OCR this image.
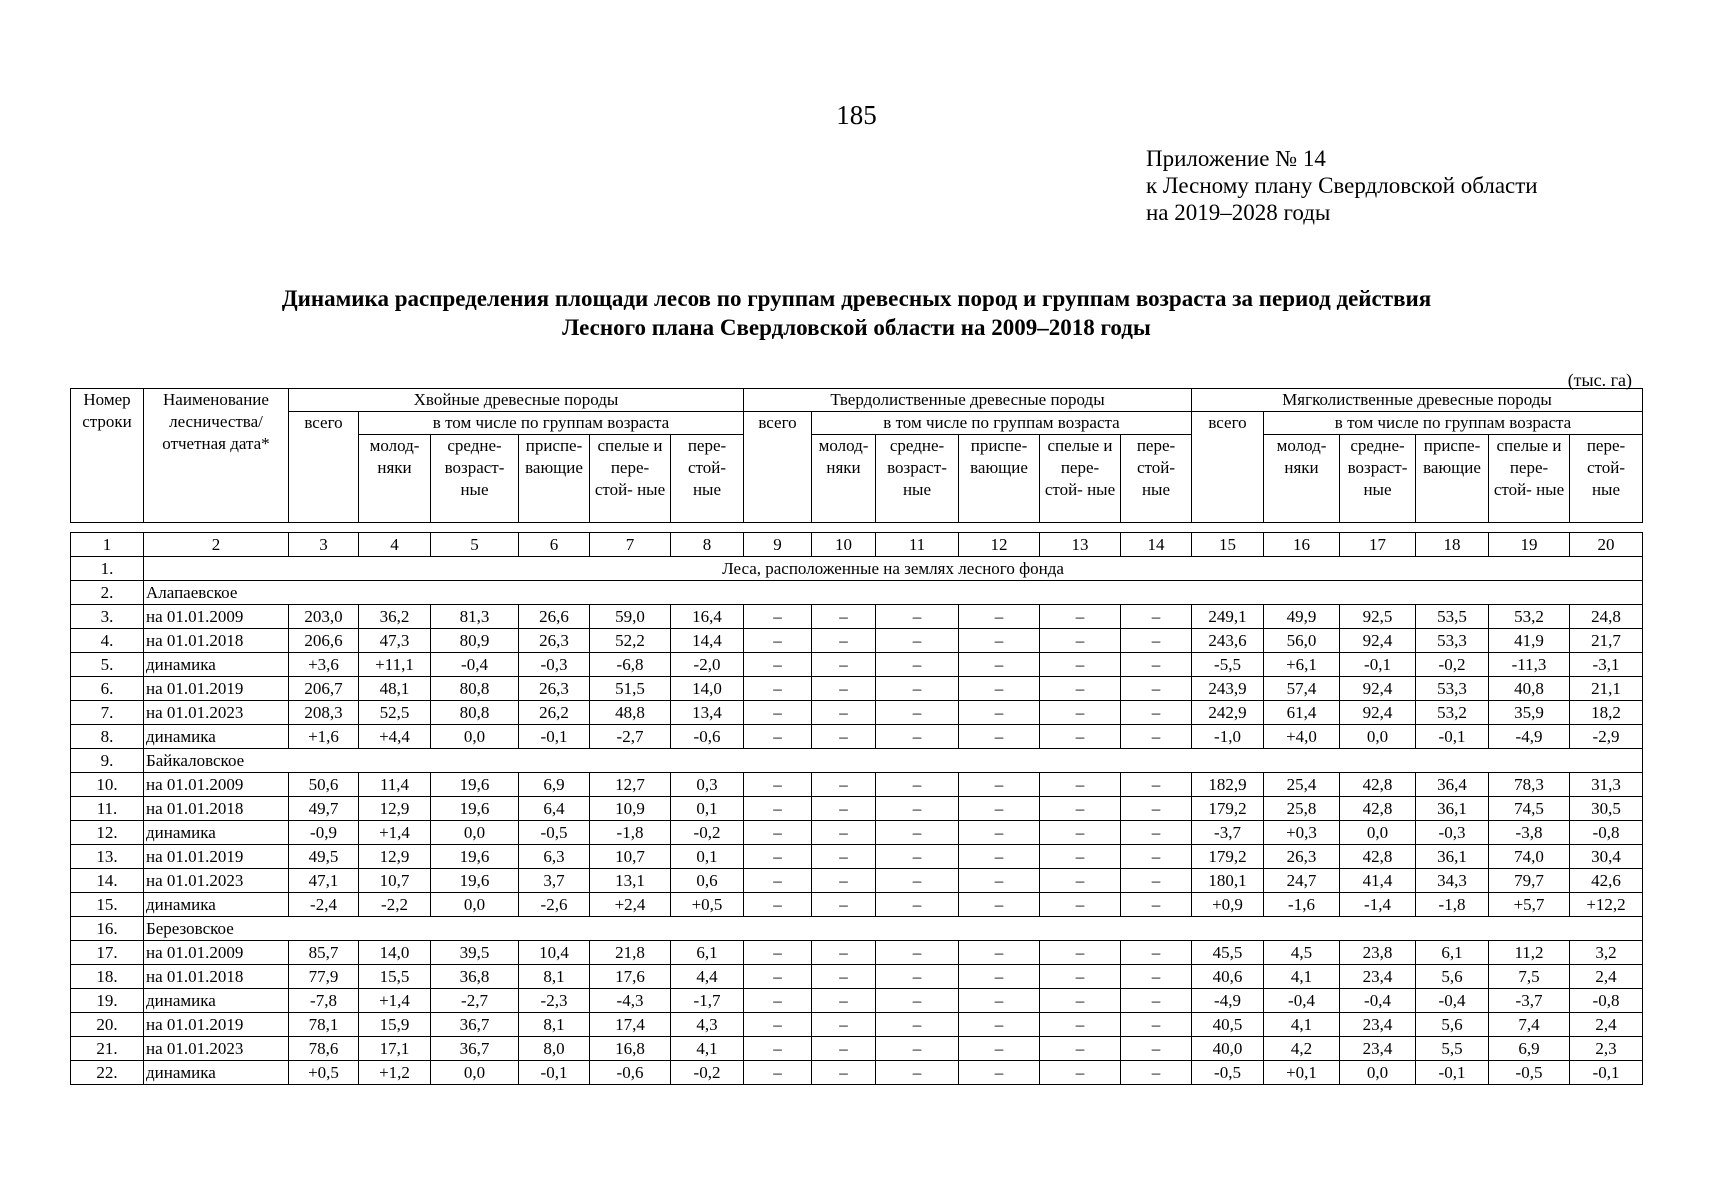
185
Приложение № 14
к Лесному плану Свердловской области
на 2019–2028 годы
Динамика распределения площади лесов по группам древесных пород и группам возраста за период действия
Лесного плана Свердловской области на 2009–2018 годы
(тыс. га)
Номер строки	Наименование лесничества/ отчетная дата*	Хвойные древесные породы						Твердолиственные древесные породы						Мягколиственные древесные породы					
		всего	в том числе по группам возраста					всего	в том числе по группам возраста					всего	в том числе по группам возраста				
			молод- няки	средне- возраст- ные	приспе- вающие	спелые и пере- стой- ные	пере- стой- ные		молод- няки	средне- возраст- ные	приспе- вающие	спелые и пере- стой- ные	пере- стой- ные		молод- няки	средне- возраст- ные	приспе- вающие	спелые и пере- стой- ные	пере- стой- ные
1	2	3	4	5	6	7	8	9	10	11	12	13	14	15	16	17	18	19	20
1.	Леса, расположенные на землях лесного фонда																		
2.	Алапаевское																		
3.	на 01.01.2009	203,0	36,2	81,3	26,6	59,0	16,4	–	–	–	–	–	–	249,1	49,9	92,5	53,5	53,2	24,8
4.	на 01.01.2018	206,6	47,3	80,9	26,3	52,2	14,4	–	–	–	–	–	–	243,6	56,0	92,4	53,3	41,9	21,7
5.	динамика	+3,6	+11,1	-0,4	-0,3	-6,8	-2,0	–	–	–	–	–	–	-5,5	+6,1	-0,1	-0,2	-11,3	-3,1
6.	на 01.01.2019	206,7	48,1	80,8	26,3	51,5	14,0	–	–	–	–	–	–	243,9	57,4	92,4	53,3	40,8	21,1
7.	на 01.01.2023	208,3	52,5	80,8	26,2	48,8	13,4	–	–	–	–	–	–	242,9	61,4	92,4	53,2	35,9	18,2
8.	динамика	+1,6	+4,4	0,0	-0,1	-2,7	-0,6	–	–	–	–	–	–	-1,0	+4,0	0,0	-0,1	-4,9	-2,9
9.	Байкаловское																		
10.	на 01.01.2009	50,6	11,4	19,6	6,9	12,7	0,3	–	–	–	–	–	–	182,9	25,4	42,8	36,4	78,3	31,3
11.	на 01.01.2018	49,7	12,9	19,6	6,4	10,9	0,1	–	–	–	–	–	–	179,2	25,8	42,8	36,1	74,5	30,5
12.	динамика	-0,9	+1,4	0,0	-0,5	-1,8	-0,2	–	–	–	–	–	–	-3,7	+0,3	0,0	-0,3	-3,8	-0,8
13.	на 01.01.2019	49,5	12,9	19,6	6,3	10,7	0,1	–	–	–	–	–	–	179,2	26,3	42,8	36,1	74,0	30,4
14.	на 01.01.2023	47,1	10,7	19,6	3,7	13,1	0,6	–	–	–	–	–	–	180,1	24,7	41,4	34,3	79,7	42,6
15.	динамика	-2,4	-2,2	0,0	-2,6	+2,4	+0,5	–	–	–	–	–	–	+0,9	-1,6	-1,4	-1,8	+5,7	+12,2
16.	Березовское																		
17.	на 01.01.2009	85,7	14,0	39,5	10,4	21,8	6,1	–	–	–	–	–	–	45,5	4,5	23,8	6,1	11,2	3,2
18.	на 01.01.2018	77,9	15,5	36,8	8,1	17,6	4,4	–	–	–	–	–	–	40,6	4,1	23,4	5,6	7,5	2,4
19.	динамика	-7,8	+1,4	-2,7	-2,3	-4,3	-1,7	–	–	–	–	–	–	-4,9	-0,4	-0,4	-0,4	-3,7	-0,8
20.	на 01.01.2019	78,1	15,9	36,7	8,1	17,4	4,3	–	–	–	–	–	–	40,5	4,1	23,4	5,6	7,4	2,4
21.	на 01.01.2023	78,6	17,1	36,7	8,0	16,8	4,1	–	–	–	–	–	–	40,0	4,2	23,4	5,5	6,9	2,3
22.	динамика	+0,5	+1,2	0,0	-0,1	-0,6	-0,2	–	–	–	–	–	–	-0,5	+0,1	0,0	-0,1	-0,5	-0,1
